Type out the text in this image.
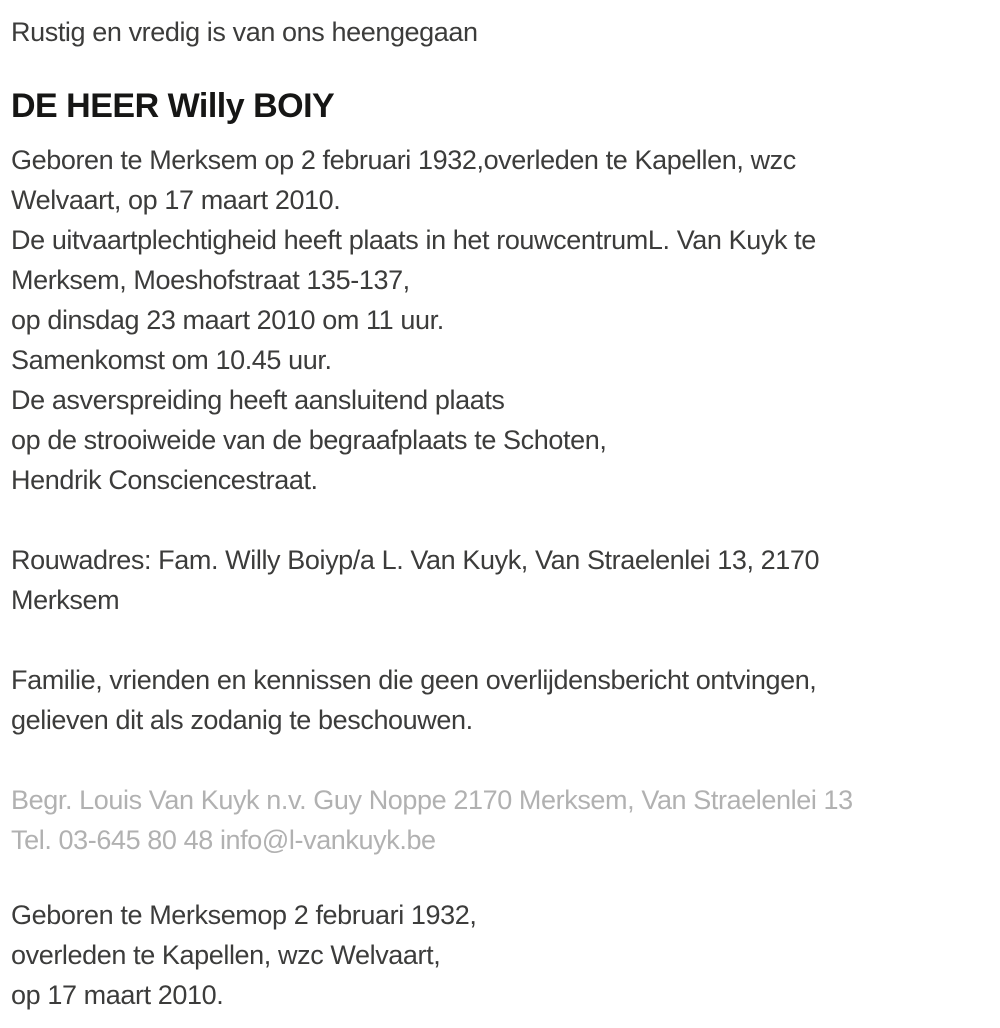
Rustig en vredig is van ons heengegaan
DE HEER Willy BOIY
Geboren te Merksem op 2 februari 1932,overleden te Kapellen, wzc
Welvaart, op 17 maart 2010.
De uitvaartplechtigheid heeft plaats in het rouwcentrumL. Van Kuyk te
Merksem, Moeshofstraat 135-137,
op dinsdag 23 maart 2010 om 11 uur.
Samenkomst om 10.45 uur.
De asverspreiding heeft aansluitend plaats
op de strooiweide van de begraafplaats te Schoten,
Hendrik Consciencestraat.
Rouwadres: Fam. Willy Boiyp/a L. Van Kuyk, Van Straelenlei 13, 2170
Merksem
Familie, vrienden en kennissen die geen overlijdensbericht ontvingen,
gelieven dit als zodanig te beschouwen.
Begr. Louis Van Kuyk n.v. Guy Noppe 2170 Merksem, Van Straelenlei 13
Tel. 03-645 80 48 info@l-vankuyk.be
Geboren te Merksemop 2 februari 1932,
overleden te Kapellen, wzc Welvaart,
op 17 maart 2010.
